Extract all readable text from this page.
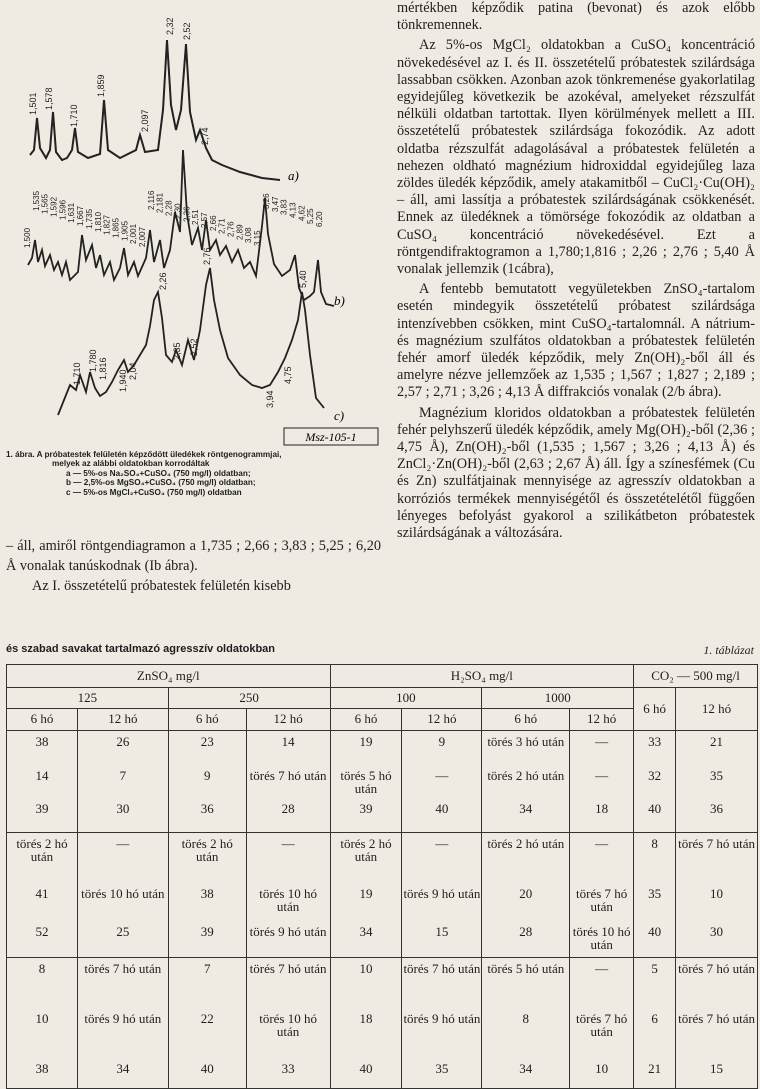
1,501 1,578
1,710
1,859
2,097
2,32 2,52
2,74
a)
1,500
1,535 1,565 1,592 1,596 1,631 1,667 1,735 1,810 1,827 1,865 1,905 2,001 2,007
2,116 2,181 2,28 2,30 2,36 2,51 2,57 2,66 2,71 2,76 2,89 3,08 3,15
3,26 3,47 3,83 4,13 4,62 5,25 6,20
b)
1,710
1,780 1,816
1,940 2,04
2,26
2,35 2,52
2,76
3,94
4,75
5,40
c)
Msz-105-1
1. ábra. A próbatestek felületén képződött üledékek röntgenogrammjai,
melyek az alábbi oldatokban korrodáltak
a — 5%-os Na₂SO₄+CuSO₄ (750 mg/l) oldatban;
b — 2,5%-os MgSO₄+CuSO₄ (750 mg/l) oldatban;
c — 5%-os MgCl₂+CuSO₄ (750 mg/l) oldatban

– áll, amiről röntgendiagramon a 1,735 ; 2,66 ; 3,83 ; 5,25 ; 6,20 Å vonalak tanúskodnak (Ib ábra).

Az I. összetételű próbatestek felületén kisebb

mértékben képződik patina (bevonat) és azok előbb tönkremennek.

Az 5%-os MgCl₂ oldatokban a CuSO₄ koncentráció növekedésével az I. és II. összetételű próbatestek szilárdsága lassabban csökken. Azonban azok tönkremenése gyakorlatilag egyidejűleg következik be azokéval, amelyeket rézszulfát nélküli oldatban tartottak. Ilyen körülmények mellett a III. összetételű próbatestek szilárdsága fokozódik. Az adott oldatba rézszulfát adagolásával a próbatestek felületén a nehezen oldható magnézium hidroxiddal egyidejűleg laza zöldes üledék képződik, amely atakamitből – CuCl₂·Cu(OH)₂ – áll, ami lassítja a próbatestek szilárdságának csökkenését. Ennek az üledéknek a tömörsége fokozódik az oldatban a CuSO₄ koncentráció növekedésével. Ezt a röntgendifraktogramon a 1,780;1,816 ; 2,26 ; 2,76 ; 5,40 Å vonalak jellemzik (1cábra),

A fentebb bemutatott vegyületekben ZnSO₄-tartalom esetén mindegyik összetételű próbatest szilárdsága intenzívebben csökken, mint CuSO₄-tartalomnál. A nátrium- és magnézium szulfátos oldatokban a próbatestek felületén fehér amorf üledék képződik, mely Zn(OH)₂-ből áll és amelyre nézve jellemzőek az 1,535 ; 1,567 ; 1,827 ; 2,189 ; 2,57 ; 2,71 ; 3,26 ; 4,13 Å diffrakciós vonalak (2/b ábra).

Magnézium kloridos oldatokban a próbatestek felületén fehér pelyhszerű üledék képződik, amely Mg(OH)₂-ből (2,36 ; 4,75 Å), Zn(OH)₂-ből (1,535 ; 1,567 ; 3,26 ; 4,13 Å) és ZnCl₂·Zn(OH)₂-ből (2,63 ; 2,67 Å) áll. Így a színesfémek (Cu és Zn) szulfátjainak mennyisége az agresszív oldatokban a korróziós termékek mennyiségétől és összetételétől függően lényeges befolyást gyakorol a szilikátbeton próbatestek szilárdságának a változására.

és szabad savakat tartalmazó agresszív oldatokban	1. táblázat
ZnSO₄ mg/l				H₂SO₄ mg/l				CO₂ — 500 mg/l	
125		250		100		1000		6 hó	12 hó
6 hó	12 hó	6 hó	12 hó	6 hó	12 hó	6 hó	12 hó		
38	26	23	14	19	9	törés 3 hó után	—	33	21
14	7	9	törés 7 hó után	törés 5 hó után	—	törés 2 hó után	—	32	35
39	30	36	28	39	40	34	18	40	36
törés 2 hó után	—	törés 2 hó után	—	törés 2 hó után	—	törés 2 hó után	—	8	törés 7 hó után
41	törés 10 hó után	38	törés 10 hó után	19	törés 9 hó után	20	törés 7 hó után	35	10
52	25	39	törés 9 hó után	34	15	28	törés 10 hó után	40	30
8	törés 7 hó után	7	törés 7 hó után	10	törés 7 hó után	törés 5 hó után	—	5	törés 7 hó után
10	törés 9 hó után	22	törés 10 hó után	18	törés 9 hó után	8	törés 7 hó után	6	törés 7 hó után
38	34	40	33	40	35	34	10	21	15
